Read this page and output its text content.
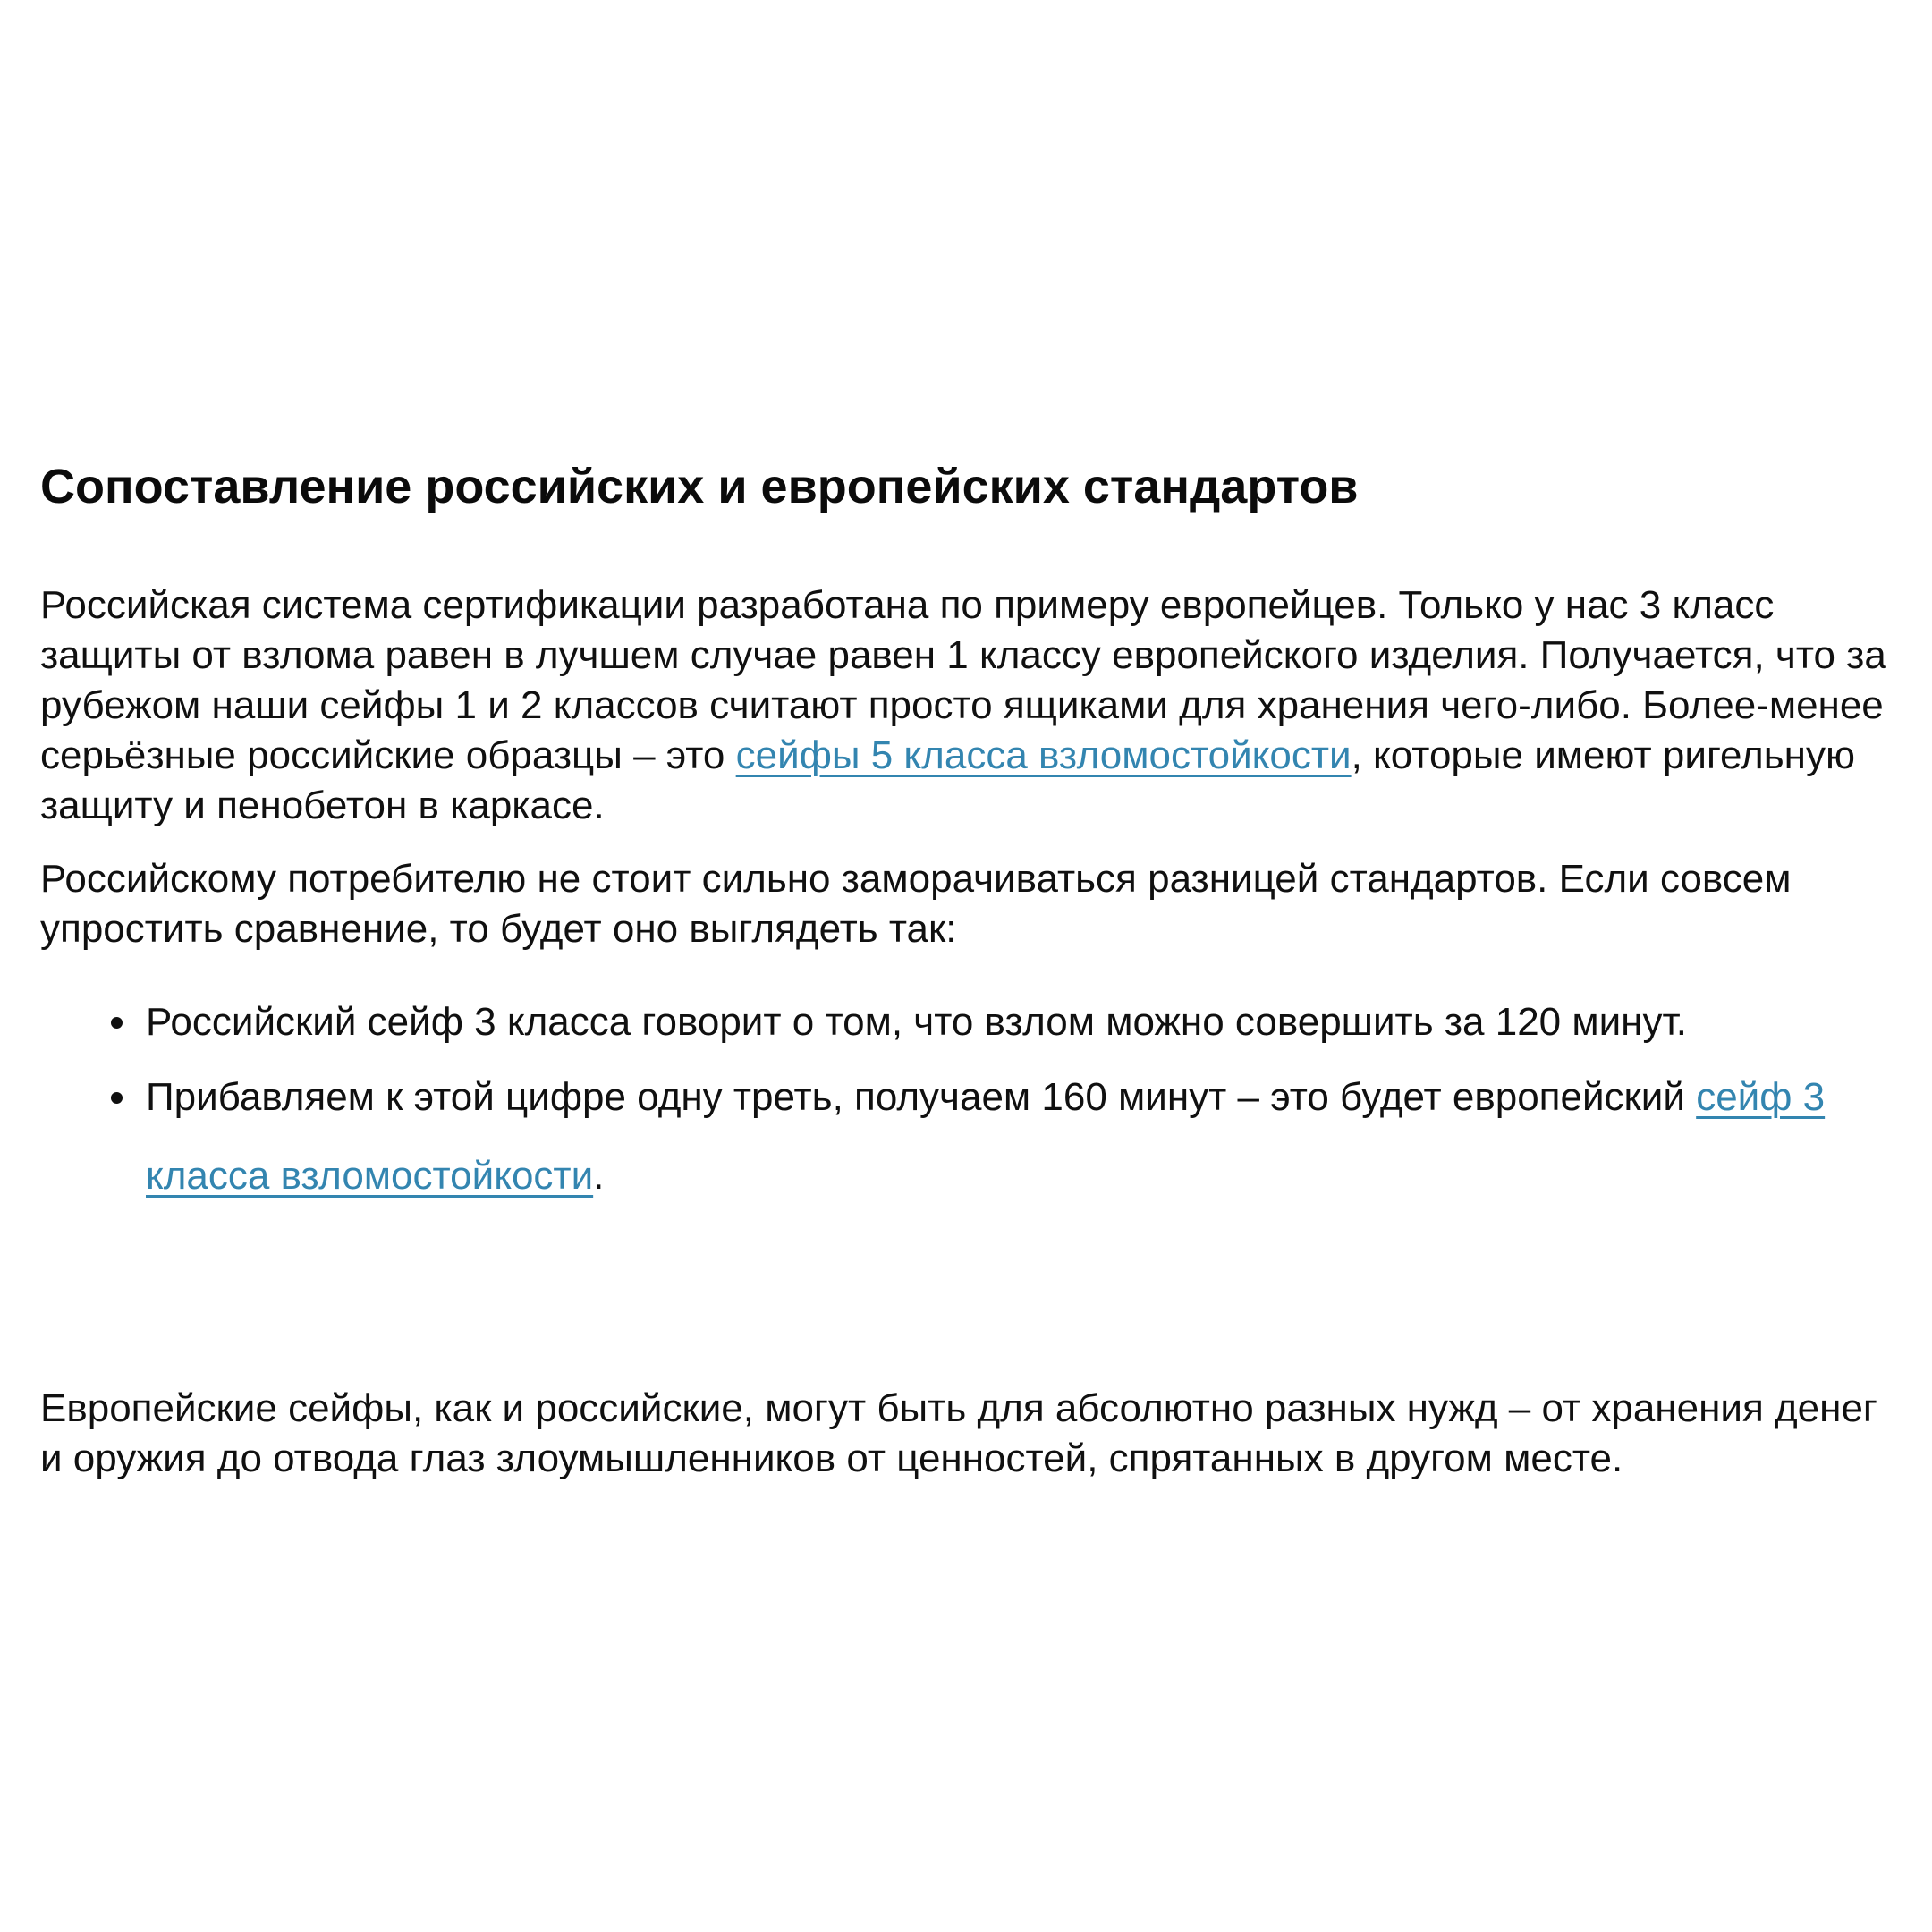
Сопоставление российских и европейских стандартов

Российская система сертификации разработана по примеру европейцев. Только у нас 3 класс защиты от взлома равен в лучшем случае равен 1 классу европейского изделия. Получается, что за рубежом наши сейфы 1 и 2 классов считают просто ящиками для хранения чего-либо. Более-менее серьёзные российские образцы – это сейфы 5 класса взломостойкости, которые имеют ригельную защиту и пенобетон в каркасе.

Российскому потребителю не стоит сильно заморачиваться разницей стандартов. Если совсем упростить сравнение, то будет оно выглядеть так:

• Российский сейф 3 класса говорит о том, что взлом можно совершить за 120 минут.
• Прибавляем к этой цифре одну треть, получаем 160 минут – это будет европейский сейф 3
класса взломостойкости.

Европейские сейфы, как и российские, могут быть для абсолютно разных нужд – от хранения денег и оружия до отвода глаз злоумышленников от ценностей, спрятанных в другом месте.
